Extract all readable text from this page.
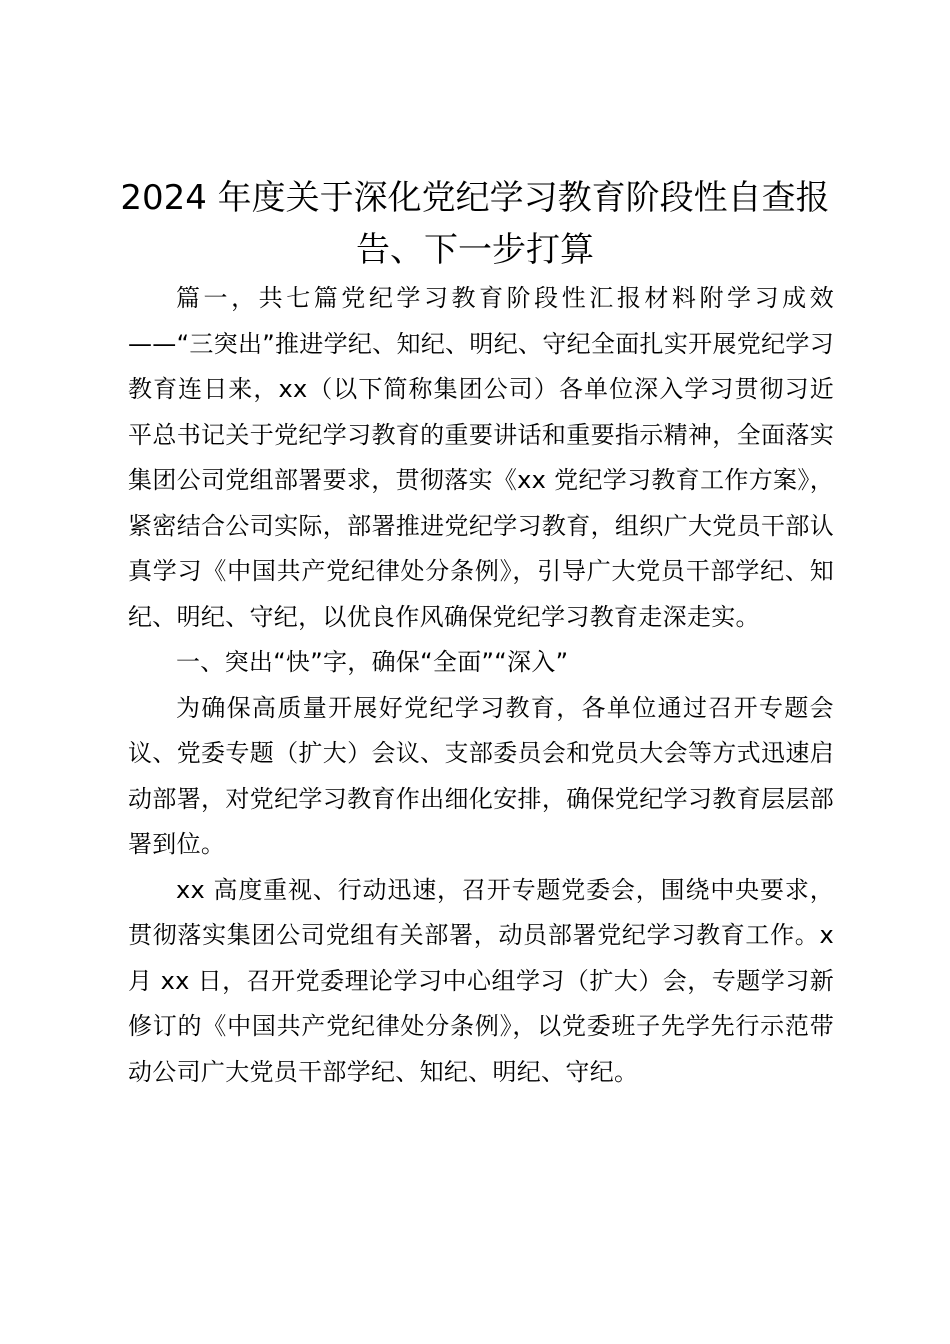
2024 年度关于深化党纪学习教育阶段性自查报告、下一步打算

篇一，共七篇党纪学习教育阶段性汇报材料附学习成效——“三突出”推进学纪、知纪、明纪、守纪全面扎实开展党纪学习教育连日来，xx（以下简称集团公司）各单位深入学习贯彻习近平总书记关于党纪学习教育的重要讲话和重要指示精神，全面落实集团公司党组部署要求，贯彻落实《xx 党纪学习教育工作方案》，紧密结合公司实际，部署推进党纪学习教育，组织广大党员干部认真学习《中国共产党纪律处分条例》，引导广大党员干部学纪、知纪、明纪、守纪，以优良作风确保党纪学习教育走深走实。

一、突出“快”字，确保“全面”“深入”

为确保高质量开展好党纪学习教育，各单位通过召开专题会议、党委专题（扩大）会议、支部委员会和党员大会等方式迅速启动部署，对党纪学习教育作出细化安排，确保党纪学习教育层层部署到位。

xx 高度重视、行动迅速，召开专题党委会，围绕中央要求，贯彻落实集团公司党组有关部署，动员部署党纪学习教育工作。x 月 xx 日，召开党委理论学习中心组学习（扩大）会，专题学习新修订的《中国共产党纪律处分条例》，以党委班子先学先行示范带动公司广大党员干部学纪、知纪、明纪、守纪。
